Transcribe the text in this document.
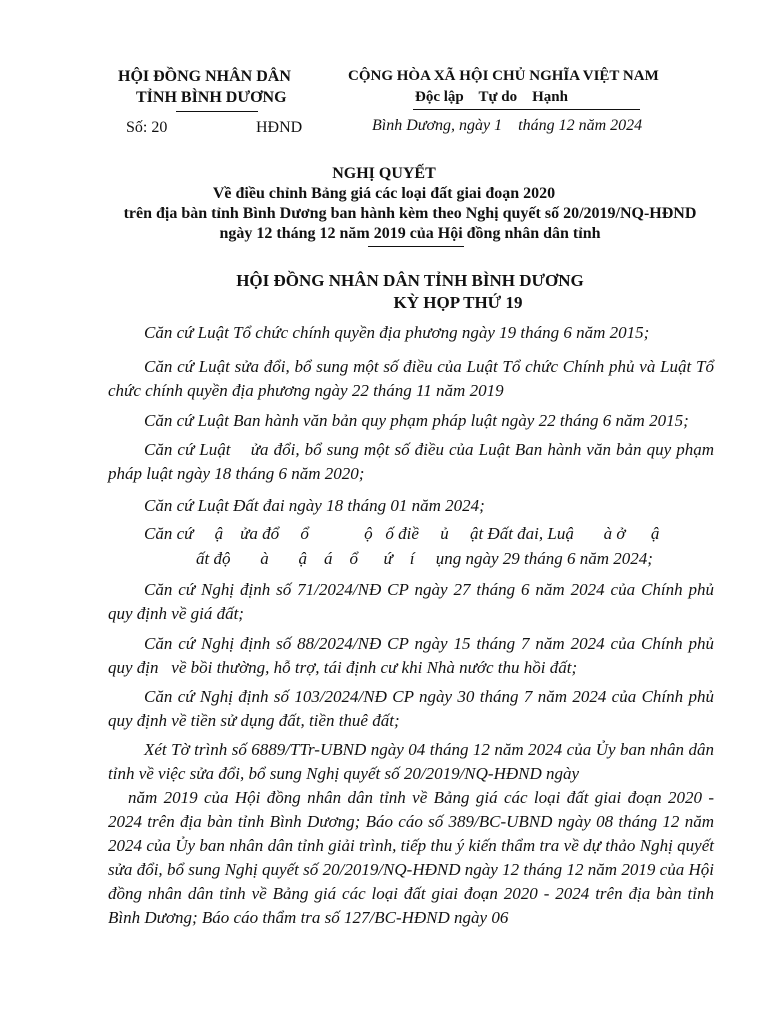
HỘI ĐỒNG NHÂN DÂN
TỈNH BÌNH DƯƠNG
CỘNG HÒA XÃ HỘI CHỦ NGHĨA VIỆT NAM
Độc lập    Tự do    Hạnh
Số: 20	HĐND	Bình Dương, ngày 1    tháng 12 năm 2024
NGHỊ QUYẾT
Về điều chỉnh Bảng giá các loại đất giai đoạn 2020
trên địa bàn tỉnh Bình Dương ban hành kèm theo Nghị quyết số 20/2019/NQ-HĐND
ngày 12 tháng 12 năm 2019 của Hội đồng nhân dân tỉnh
HỘI ĐỒNG NHÂN DÂN TỈNH BÌNH DƯƠNG
KỲ HỌP THỨ 19
Căn cứ Luật Tổ chức chính quyền địa phương ngày 19 tháng 6 năm 2015;
Căn cứ Luật sửa đổi, bổ sung một số điều của Luật Tổ chức Chính phủ và Luật Tổ chức chính quyền địa phương ngày 22 tháng 11 năm 2019
Căn cứ Luật Ban hành văn bản quy phạm pháp luật ngày 22 tháng 6 năm 2015;
Căn cứ Luật    ửa đổi, bổ sung một số điều của Luật Ban hành văn bản quy phạm pháp luật ngày 18 tháng 6 năm 2020;
Căn cứ Luật Đất đai ngày 18 tháng 01 năm 2024;
Căn cứ     ậ    ửa đổ     ổ             ộ   ố điề     ủ     ật Đất đai, Luậ       à ở      ậ
ất độ       à       ậ    á    ổ      ứ    í     ụng ngày 29 tháng 6 năm 2024;
Căn cứ Nghị định số 71/2024/NĐ CP ngày 27 tháng 6 năm 2024 của Chính phủ quy định về giá đất;
Căn cứ Nghị định số 88/2024/NĐ CP ngày 15 tháng 7 năm 2024 của Chính phủ quy địn   về bồi thường, hỗ trợ, tái định cư khi Nhà nước thu hồi đất;
Căn cứ Nghị định số 103/2024/NĐ CP ngày 30 tháng 7 năm 2024 của Chính phủ quy định về tiền sử dụng đất, tiền thuê đất;
Xét Tờ trình số 6889/TTr-UBND ngày 04 tháng 12 năm 2024 của Ủy ban nhân dân tỉnh về việc sửa đổi, bổ sung Nghị quyết số 20/2019/NQ-HĐND ngày
năm 2019 của Hội đồng nhân dân tỉnh về Bảng giá các loại đất giai đoạn 2020 - 2024 trên địa bàn tỉnh Bình Dương; Báo cáo số 389/BC-UBND ngày 08 tháng 12 năm 2024 của Ủy ban nhân dân tỉnh giải trình, tiếp thu ý kiến thẩm tra về dự thảo Nghị quyết sửa đổi, bổ sung Nghị quyết số 20/2019/NQ-HĐND ngày 12 tháng 12 năm 2019 của Hội đồng nhân dân tỉnh về Bảng giá các loại đất giai đoạn 2020 - 2024 trên địa bàn tỉnh Bình Dương; Báo cáo thẩm tra số 127/BC-HĐND ngày 06
